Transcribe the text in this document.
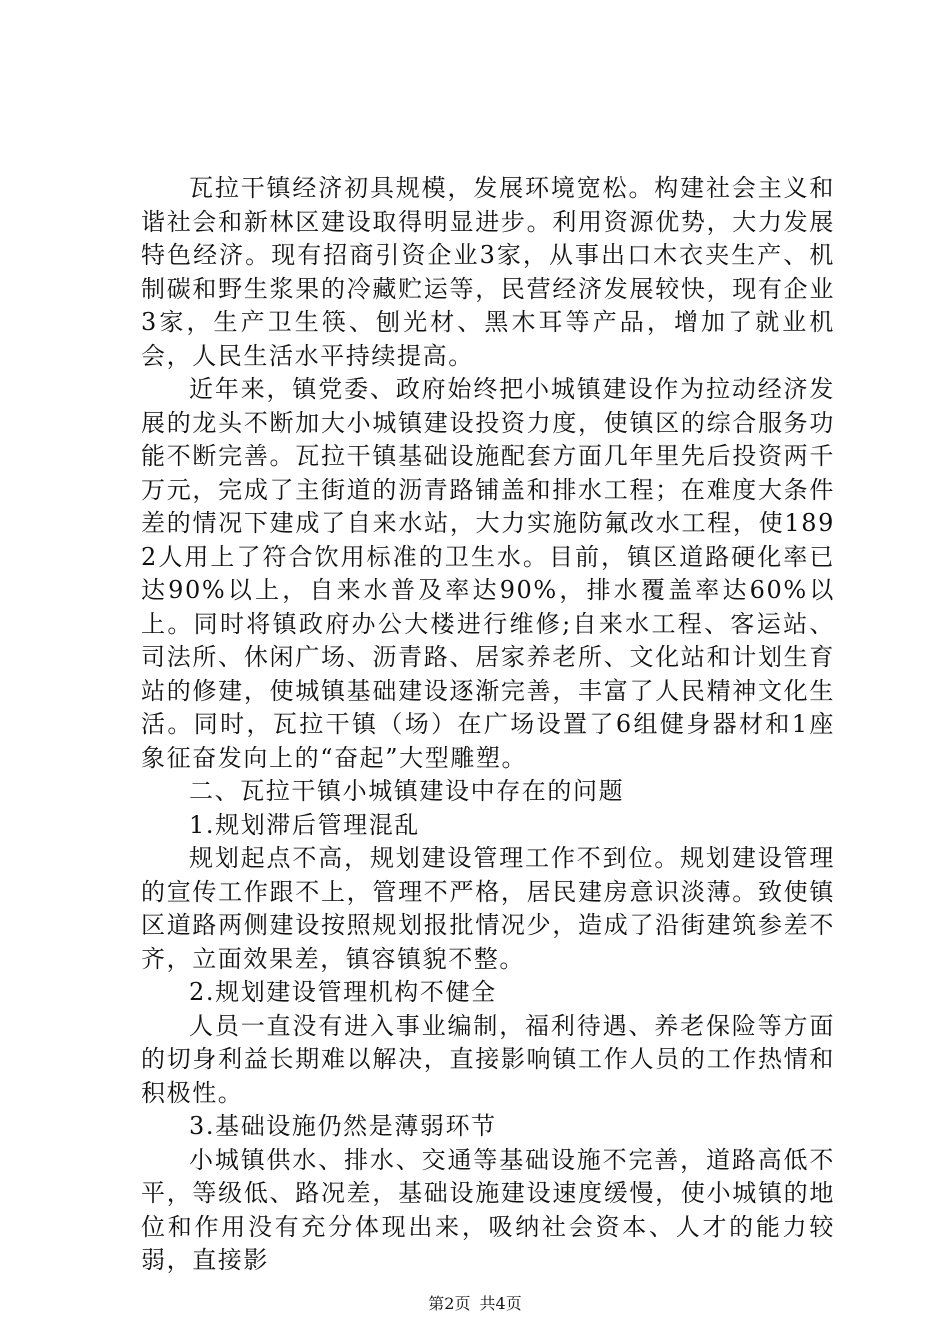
瓦拉干镇经济初具规模，发展环境宽松。构建社会主义和谐社会和新林区建设取得明显进步。利用资源优势，大力发展特色经济。现有招商引资企业3家，从事出口木衣夹生产、机制碳和野生浆果的冷藏贮运等，民营经济发展较快，现有企业3家，生产卫生筷、刨光材、黑木耳等产品，增加了就业机会，人民生活水平持续提高。

近年来，镇党委、政府始终把小城镇建设作为拉动经济发展的龙头不断加大小城镇建设投资力度，使镇区的综合服务功能不断完善。瓦拉干镇基础设施配套方面几年里先后投资两千万元，完成了主街道的沥青路铺盖和排水工程；在难度大条件差的情况下建成了自来水站，大力实施防氟改水工程，使1892人用上了符合饮用标准的卫生水。目前，镇区道路硬化率已达90%以上，自来水普及率达90%，排水覆盖率达60%以上。同时将镇政府办公大楼进行维修;自来水工程、客运站、司法所、休闲广场、沥青路、居家养老所、文化站和计划生育站的修建，使城镇基础建设逐渐完善，丰富了人民精神文化生活。同时，瓦拉干镇（场）在广场设置了6组健身器材和1座象征奋发向上的“奋起”大型雕塑。

二、瓦拉干镇小城镇建设中存在的问题

1.规划滞后管理混乱

规划起点不高，规划建设管理工作不到位。规划建设管理的宣传工作跟不上，管理不严格，居民建房意识淡薄。致使镇区道路两侧建设按照规划报批情况少，造成了沿街建筑参差不齐，立面效果差，镇容镇貌不整。

2.规划建设管理机构不健全

人员一直没有进入事业编制，福利待遇、养老保险等方面的切身利益长期难以解决，直接影响镇工作人员的工作热情和积极性。

3.基础设施仍然是薄弱环节

小城镇供水、排水、交通等基础设施不完善，道路高低不平，等级低、路况差，基础设施建设速度缓慢，使小城镇的地位和作用没有充分体现出来，吸纳社会资本、人才的能力较弱，直接影

第2页 共4页
